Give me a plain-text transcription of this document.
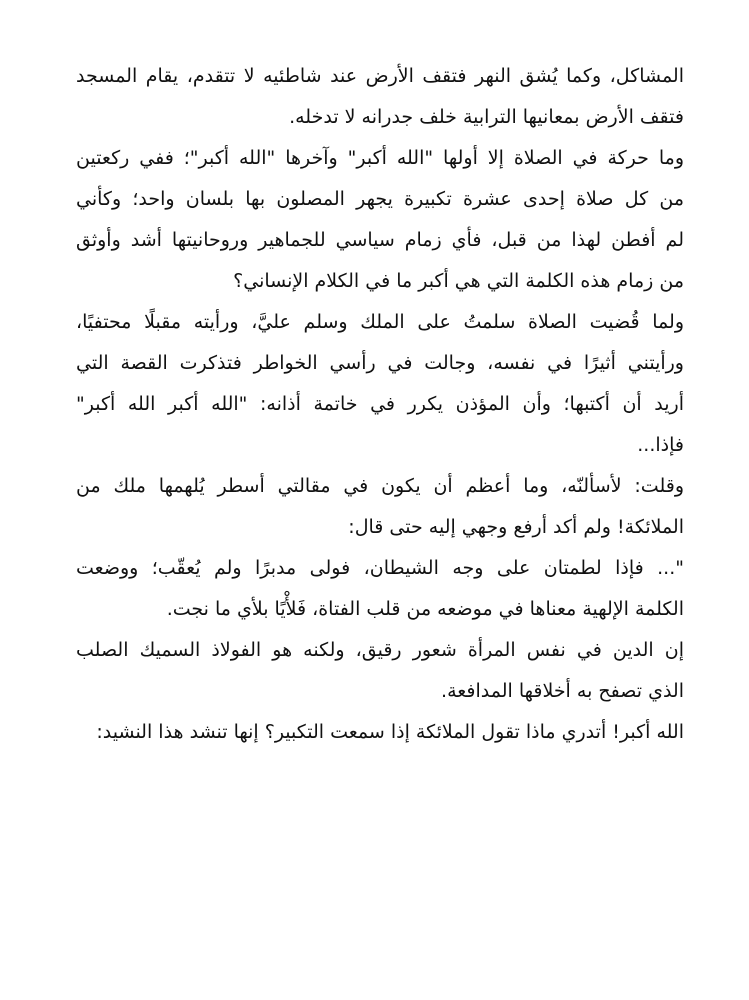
المشاكل، وكما يُشق النهر فتقف الأرض عند شاطئيه لا تتقدم، يقام المسجد
فتقف الأرض بمعانيها الترابية خلف جدرانه لا تدخله.
وما حركة في الصلاة إلا أولها "الله أكبر" وآخرها "الله أكبر"؛ ففي ركعتين
من كل صلاة إحدى عشرة تكبيرة يجهر المصلون بها بلسان واحد؛ وكأني
لم أفطن لهذا من قبل، فأي زمام سياسي للجماهير وروحانيتها أشد وأوثق
من زمام هذه الكلمة التي هي أكبر ما في الكلام الإنساني؟
ولما قُضيت الصلاة سلمتُ على الملك وسلم عليَّ، ورأيته مقبلًا محتفيًا،
ورأيتني أثيرًا في نفسه، وجالت في رأسي الخواطر فتذكرت القصة التي
أريد أن أكتبها؛ وأن المؤذن يكرر في خاتمة أذانه: "الله أكبر الله أكبر"
فإذا...
وقلت: لأسألنّه، وما أعظم أن يكون في مقالتي أسطر يُلهمها ملك من
الملائكة! ولم أكد أرفع وجهي إليه حتى قال:
"... فإذا لطمتان على وجه الشيطان، فولى مدبرًا ولم يُعقّب؛ ووضعت
الكلمة الإلهية معناها في موضعه من قلب الفتاة، فَلأْيًا بلأي ما نجت.
إن الدين في نفس المرأة شعور رقيق، ولكنه هو الفولاذ السميك الصلب
الذي تصفح به أخلاقها المدافعة.
الله أكبر! أتدري ماذا تقول الملائكة إذا سمعت التكبير؟ إنها تنشد هذا النشيد:
